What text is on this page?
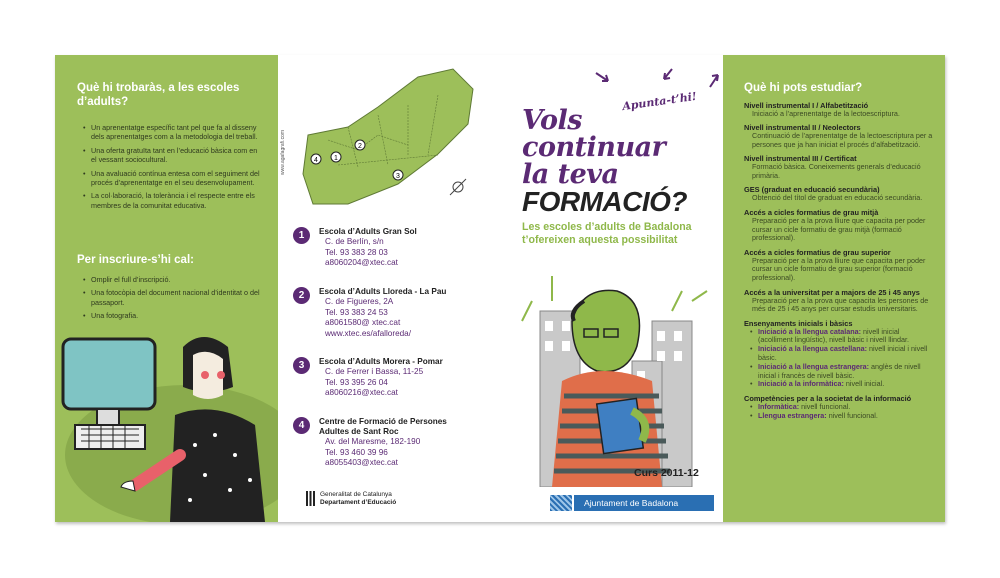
Què hi trobaràs, a les escoles d’adults?
• Un aprenentatge específic tant pel que fa al disseny dels aprenentatges com a la metodologia del treball.
• Una oferta gratuïta tant en l’educació bàsica com en el vessant sociocultural.
• Una avaluació contínua entesa com el seguiment del procés d’aprenentatge en el seu desenvolupament.
• La col·laboració, la tolerància i el respecte entre els membres de la comunitat educativa.
Per inscriure-s’hi cal:
• Omplir el full d’inscripció.
• Una fotocòpia del document nacional d’identitat o del passaport.
• Una fotografia.
2
4 1
3
www.agafagrafi.com
1	Escola d’Adults Gran Sol
C. de Berlín, s/n
Tel. 93 383 28 03
a8060204@xtec.cat
2	Escola d’Adults Lloreda - La Pau
C. de Figueres, 2A
Tel. 93 383 24 53
a8061580@ xtec.cat
www.xtec.es/afalloreda/
3	Escola d’Adults Morera - Pomar
C. de Ferrer i Bassa, 11-25
Tel. 93 395 26 04
a8060216@xtec.cat
4	Centre de Formació de Persones Adultes de Sant Roc
Av. del Maresme, 182-190
Tel. 93 460 39 96
a8055403@xtec.cat
Generalitat de Catalunya
Departament d’Educació
Apunta-t’hi!
Vols
continuar
la teva
FORMACIÓ?
Les escoles d’adults de Badalona t’ofereixen aquesta possibilitat
Curs 2011-12
Ajuntament de Badalona
Què hi pots estudiar?
Nivell instrumental I / Alfabetització
Iniciació a l’aprenentatge de la lectoescriptura.
Nivell instrumental II / Neolectors
Continuació de l’aprenentatge de la lectoescriptura per a persones que ja han iniciat el procés d’alfabetització.
Nivell instrumental III / Certificat
Formació bàsica. Coneixements generals d’educació primària.
GES (graduat en educació secundària)
Obtenció del títol de graduat en educació secundària.
Accés a cicles formatius de grau mitjà
Preparació per a la prova lliure que capacita per poder cursar un cicle formatiu de grau mitjà (formació professional).
Accés a cicles formatius de grau superior
Preparació per a la prova lliure que capacita per poder cursar un cicle formatiu de grau superior (formació professional).
Accés a la universitat per a majors de 25 i 45 anys
Preparació per a la prova que capacita les persones de més de 25 i 45 anys per cursar estudis universitaris.
Ensenyaments inicials i bàsics
• Iniciació a la llengua catalana: nivell inicial (acolliment lingüístic), nivell bàsic i nivell llindar.
• Iniciació a la llengua castellana: nivell inicial i nivell bàsic.
• Iniciació a la llengua estrangera: anglès de nivell inicial i francès de nivell bàsic.
• Iniciació a la informàtica: nivell inicial.
Competències per a la societat de la informació
• Informàtica: nivell funcional.
• Llengua estrangera: nivell funcional.
